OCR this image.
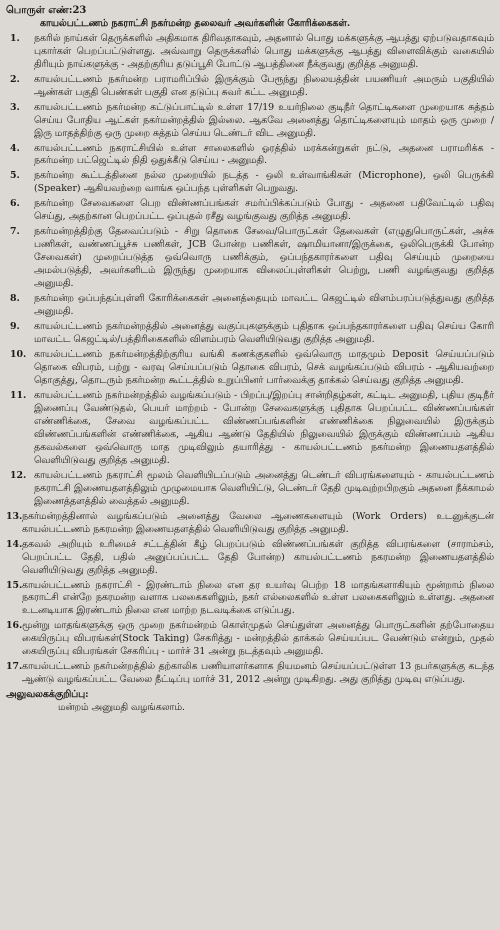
பொருள் எண்:23
காயல்பட்டணம் நகராட்சி நகர்மன்ற தலைவர் அவர்களின் கோரிக்கைகள்.
1. நகரில் நாய்கள் தெருக்களில் அதிகமாக திரிவதாகவும், அதனால் பொது மக்களுக்கு ஆபத்து ஏற்படுவதாகவும் புகார்கள் பெறப்பட்டுள்ளது. அவ்வாறு தெருக்களில் பொது மக்களுக்கு ஆபத்து விளைவிக்கும் வகையில் திரியும் நாய்களுக்கு - அதற்குரிய தடுப்பூசி போட்டு ஆபத்தினை நீக்குவது குறித்த அனுமதி.
2. காயல்பட்டணம் நகர்மன்ற பராமரிப்பில் இருக்கும் பேரூந்து நிலையத்தின் பயணியர் அமரும் பகுதியில் ஆண்கள் பகுதி பெண்கள் பகுதி என தடுப்பு சுவர் கட்ட அனுமதி.
3. காயல்பட்டணம் நகர்மன்ற கட்டுப்பாட்டில் உள்ள 17/19 உயர்நிலை குடிநீர் தொட்டிகளை முறையாக சுத்தம் செய்ய போதிய ஆட்கள் நகர்மன்றத்தில் இல்லை. ஆகவே அனைத்து தொட்டிகளையும் மாதம் ஒரு முறை / இரு மாதத்திற்கு ஒரு முறை சுத்தம் செய்ய டெண்டர் விட அனுமதி.
4. காயல்பட்டணம் நகராட்சியில் உள்ள சாலைகளில் ஓரத்தில் மரக்கன்றுகள் நட்டு, அதனை பராமரிக்க - நகர்மன்ற பட்ஜெட்டில் நிதி ஒதுக்கீடு செய்ய - அனுமதி.
5. நகர்மன்ற கூட்டத்தினை நல்ல முறையில் நடத்த - ஒலி உள்வாங்கிகள் (Microphone), ஒலி பெருக்கி (Speaker) ஆகியவற்றை வாங்க ஒப்பந்த புள்ளிகள் பெறுவது.
6. நகர்மன்ற சேவைகளை பெற விண்ணப்பங்கள் சமர்ப்பிக்கப்படும் போது - அதனை பதிவேட்டில் பதிவு செய்து, அதற்கான பெறப்பட்ட ஒப்புதல் ரசீது வழங்குவது குறித்த அனுமதி.
7. நகர்மன்றத்திற்கு தேவைப்படும் - சிறு தொகை சேவை/பொருட்கள் தேவைகள் (எழுதுபொருட்கள், அச்சு பணிகள், வண்ணப்பூச்சு பணிகள், JCB போன்ற பணிகள், ஷாமியானா/இருக்கை, ஒலிபெருக்கி போன்ற சேவைகள்) முறைப்படுத்த ஒவ்வொரு பணிக்கும், ஒப்பந்தகாரர்களை பதிவு செய்யும் முறையை அமல்படுத்தி, அவர்களிடம் இருந்து முறையாக விலைப்புள்ளிகள் பெற்று, பணி வழங்குவது குறித்த அனுமதி.
8. நகர்மன்ற ஒப்பந்தப்புள்ளி கோரிக்கைகள் அனைத்தையும் மாவட்ட கெஜட்டில் விளம்பரப்படுத்துவது குறித்த அனுமதி.
9. காயல்பட்டணம் நகர்மன்றத்தில் அனைத்து வகுப்புகளுக்கும் புதிதாக ஒப்பந்தகாரர்களை பதிவு செய்ய கோரி மாவட்ட கெஜட்டில்/பத்திரிகைகளில் விளம்பரம் வெளியிடுவது குறித்த அனுமதி.
10. காயல்பட்டணம் நகர்மன்றத்திற்குரிய வங்கி கணக்குகளில் ஒவ்வொரு மாதமும் Deposit செய்யப்படும் தொகை விபரம், பற்று - வரவு செய்யப்படும் தொகை விபரம், செக் வழங்கப்படும் விபரம் - ஆகியவற்றை தொகுத்து, தொடரும் நகர்மன்ற கூட்டத்தில் உறுப்பினர் பார்வைக்கு தாக்கல் செய்வது குறித்த அனுமதி.
11. காயல்பட்டணம் நகர்மன்றத்தில் வழங்கப்படும் - பிறப்பு/இறப்பு சான்றிதழ்கள், கட்டிட அனுமதி, புதிய குடிநீர் இணைப்பு வேண்டுதல், பெயர் மாற்றம் - போன்ற சேவைகளுக்கு புதிதாக பெறப்பட்ட விண்ணப்பங்கள் எண்ணிக்கை, சேவை வழங்கப்பட்ட விண்ணப்பங்களின் எண்ணிக்கை நிலுவையில் இருக்கும் விண்ணப்பங்களின் எண்ணிக்கை, ஆகிய ஆண்டு தேதியில் நிலுவையில் இருக்கும் விண்ணப்பம் ஆகிய தகவல்களை ஒவ்வொரு மாத முடிவிலும் தயாரித்து - காயல்பட்டணம் நகர்மன்ற இணையதளத்தில் வெளியிடுவது குறித்த அனுமதி.
12. காயல்பட்டணம் நகராட்சி மூலம் வெளியிடப்படும் அனைத்து டெண்டர் விபரங்களையும் - காயல்பட்டணம் நகராட்சி இணையதளத்திலும் முழுமையாக வெளியிட்டு, டெண்டர் தேதி முடிவுற்றபிறகும் அதனை நீக்காமல் இணைத்தளத்தில் வைத்தல் அனுமதி.
13. நகர்மன்றத்தினால் வழங்கப்படும் அனைத்து வேலை ஆணைகளையும் (Work Orders) உடனுக்குடன் காயல்பட்டணம் நகரமன்ற இணையதளத்தில் வெளியிடுவது குறித்த அனுமதி.
14. தகவல் அறியும் உரிமைச் சட்டத்தின் கீழ் பெறப்படும் விண்ணப்பங்கள் குறித்த விபரங்களை (சாராம்சம், பெறப்பட்ட தேதி, பதில் அனுப்பப்பட்ட தேதி போன்ற) காயல்பட்டணம் நகரமன்ற இணையதளத்தில் வெளியிடுவது குறித்த அனுமதி.
15. காயல்பட்டணம் நகராட்சி - இரண்டாம் நிலை என தர உயர்வு பெற்ற 18 மாதங்களாகியும் மூன்றாம் நிலை நகராட்சி என்றே நகரமன்ற வளாக பலகைகளிலும், நகர் எல்லைகளில் உள்ள பலகைகளிலும் உள்ளது. அதனை உடனடியாக இரண்டாம் நிலை என மாற்ற நடவடிக்கை எடுப்பது.
16. மூன்று மாதங்களுக்கு ஒரு முறை நகர்மன்றம் கொள்முதல் செய்துள்ள அனைத்து பொருட்களின் தற்போதைய கையிருப்பு விபரங்கள்(Stock Taking) சேகரித்து - மன்றத்தில் தாக்கல் செய்யப்பட வேண்டும் என்றும், முதல் கையிருப்பு விபரங்கள் சேகரிப்பு - மார்ச் 31 அன்று நடத்தவும் அனுமதி.
17. காயல்பட்டணம் நகர்மன்றத்தில் தற்காலிக பணியாளர்களாக நியமனம் செய்யப்பட்டுள்ள 13 நபர்களுக்கு கடந்த ஆண்டு வழங்கப்பட்ட வேலை நீட்டிப்பு மார்ச் 31, 2012 அன்று முடிகிறது. அது குறித்து முடிவு எடுப்பது.
அலுவலகக்குறிப்பு:
மன்றம் அனுமதி வழங்கலாம்.
